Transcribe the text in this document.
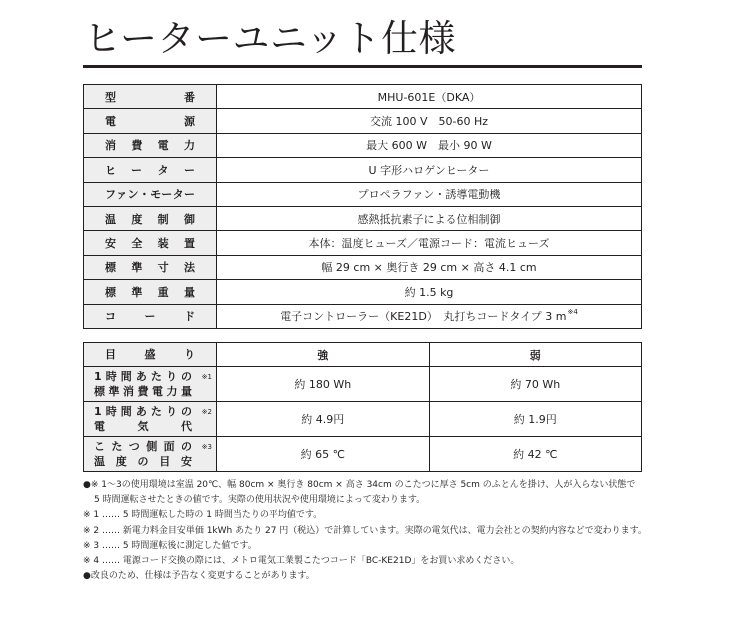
ヒーターユニット仕様
型番	MHU-601E（DKA）

電源	交流 100 V　50-60 Hz

消費電力	最大 600 W　最小 90 W

ヒーター	U 字形ハロゲンヒーター

ファン・モーター	プロペラファン・誘導電動機

温度制御	感熱抵抗素子による位相制御

安全装置	本体：温度ヒューズ／電源コード：電流ヒューズ

標準寸法	幅 29 cm × 奥行き 29 cm × 高さ 4.1 cm

標準重量	約 1.5 kg

コード	電子コントローラー（KE21D）　丸打ちコードタイプ 3 $m^{※4}$
目盛り	強	弱

1時間あたりの ※1
標準消費電力量	約 180 Wh	約 70 Wh

1時間あたりの ※2
電気代	約 4.9円	約 1.9円

こたつ側面の ※3
温度の目安	約 65 ℃	約 42 ℃
●※ 1～3の使用環境は室温 20℃、幅 80cm × 奥行き 80cm × 高さ 34cm のこたつに厚さ 5cm のふとんを掛け、人が入らない状態で
5 時間運転させたときの値です。実際の使用状況や使用環境によって変わります。
※ 1 …… 5 時間運転した時の 1 時間当たりの平均値です。
※ 2 …… 新電力料金目安単価 1kWh あたり 27 円（税込）で計算しています。実際の電気代は、電力会社との契約内容などで変わります。
※ 3 …… 5 時間運転後に測定した値です。
※ 4 …… 電源コード交換の際には、メトロ電気工業製こたつコード「BC-KE21D」をお買い求めください。
●改良のため、仕様は予告なく変更することがあります。
